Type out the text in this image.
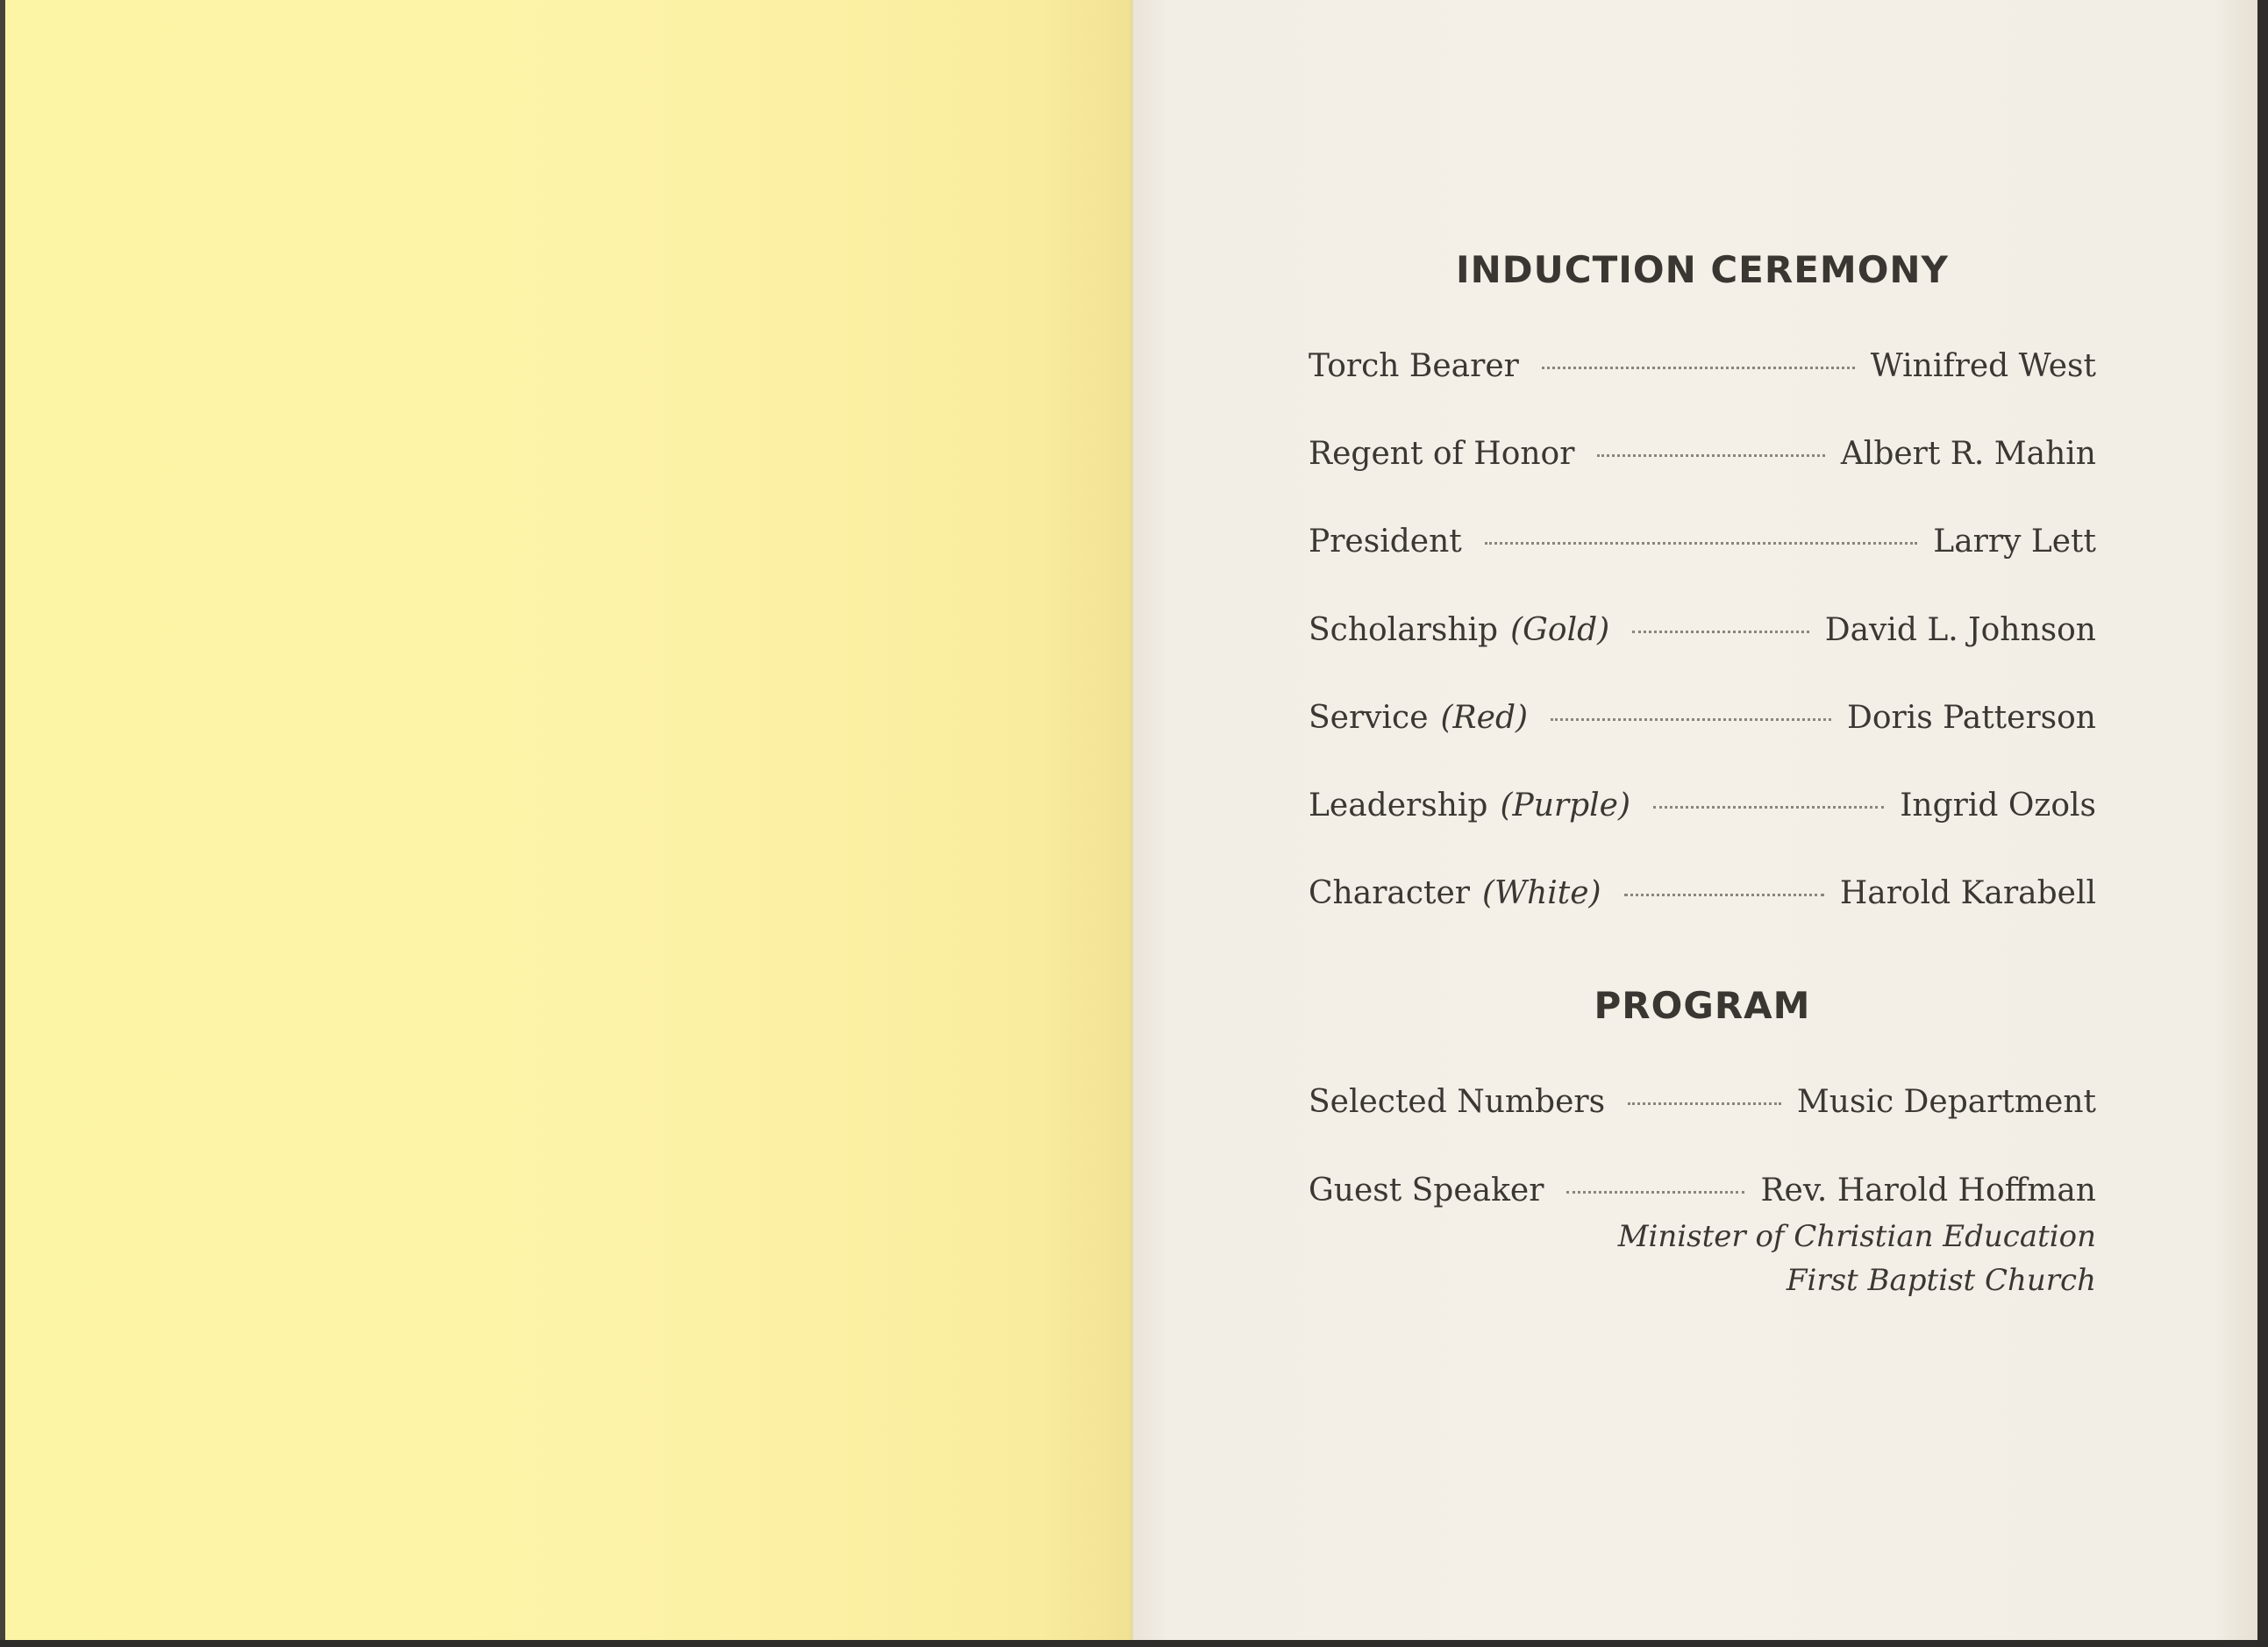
INDUCTION CEREMONY
Torch Bearer	Winifred West
Regent of Honor	Albert R. Mahin
President	Larry Lett
Scholarship (Gold)	David L. Johnson
Service (Red)	Doris Patterson
Leadership (Purple)	Ingrid Ozols
Character (White)	Harold Karabell
PROGRAM
Selected Numbers	Music Department
Guest Speaker	Rev. Harold Hoffman
Minister of Christian Education
First Baptist Church
